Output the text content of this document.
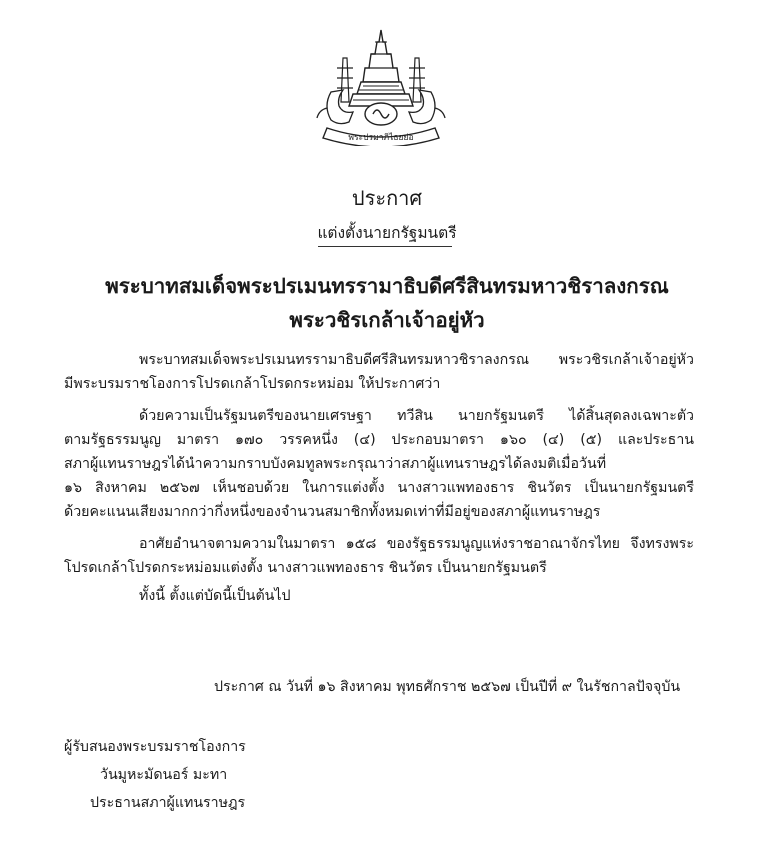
พระปรมาภิไธยย่อ
ประกาศ
แต่งตั้งนายกรัฐมนตรี
พระบาทสมเด็จพระปรเมนทรรามาธิบดีศรีสินทรมหาวชิราลงกรณ
พระวชิรเกล้าเจ้าอยู่หัว
พระบาทสมเด็จพระปรเมนทรรามาธิบดีศรีสินทรมหาวชิราลงกรณ พระวชิรเกล้าเจ้าอยู่หัว
มีพระบรมราชโองการโปรดเกล้าโปรดกระหม่อม ให้ประกาศว่า
ด้วยความเป็นรัฐมนตรีของนายเศรษฐา ทวีสิน นายกรัฐมนตรี ได้สิ้นสุดลงเฉพาะตัว
ตามรัฐธรรมนูญ มาตรา ๑๗๐ วรรคหนึ่ง (๔) ประกอบมาตรา ๑๖๐ (๔) (๕) และประธาน
สภาผู้แทนราษฎรได้นำความกราบบังคมทูลพระกรุณาว่าสภาผู้แทนราษฎรได้ลงมติเมื่อวันที่
๑๖ สิงหาคม ๒๕๖๗ เห็นชอบด้วย ในการแต่งตั้ง นางสาวแพทองธาร ชินวัตร เป็นนายกรัฐมนตรี
ด้วยคะแนนเสียงมากกว่ากึ่งหนึ่งของจำนวนสมาชิกทั้งหมดเท่าที่มีอยู่ของสภาผู้แทนราษฎร
อาศัยอำนาจตามความในมาตรา ๑๕๘ ของรัฐธรรมนูญแห่งราชอาณาจักรไทย จึงทรงพระ
โปรดเกล้าโปรดกระหม่อมแต่งตั้ง นางสาวแพทองธาร ชินวัตร เป็นนายกรัฐมนตรี
ทั้งนี้ ตั้งแต่บัดนี้เป็นต้นไป
ประกาศ ณ วันที่ ๑๖ สิงหาคม พุทธศักราช ๒๕๖๗ เป็นปีที่ ๙ ในรัชกาลปัจจุบัน
ผู้รับสนองพระบรมราชโองการ
วันมูหะมัดนอร์ มะทา
ประธานสภาผู้แทนราษฎร
